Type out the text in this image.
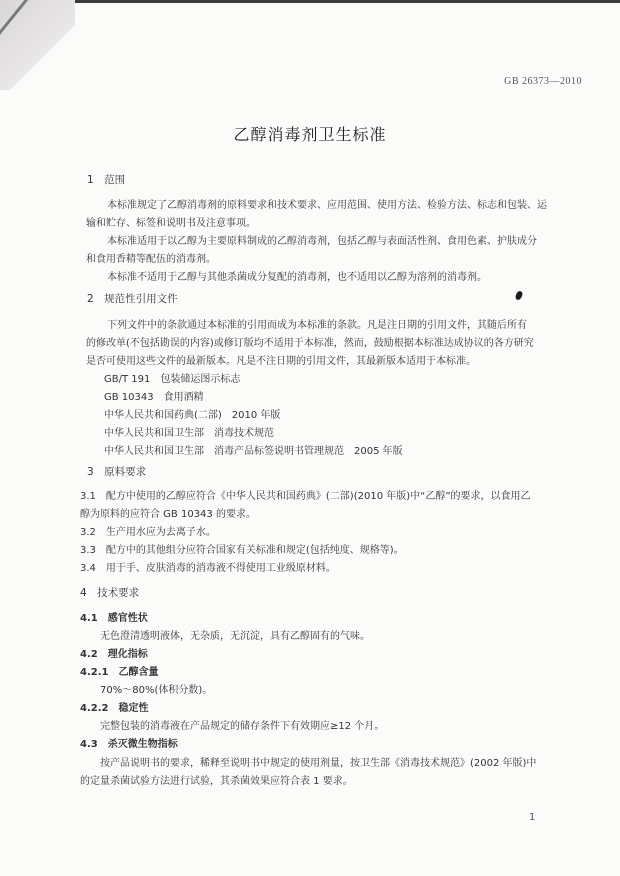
GB 26373—2010
乙醇消毒剂卫生标准
1　范围
本标准规定了乙醇消毒剂的原料要求和技术要求、应用范围、使用方法、检验方法、标志和包装、运
输和贮存、标签和说明书及注意事项。
本标准适用于以乙醇为主要原料制成的乙醇消毒剂，包括乙醇与表面活性剂、食用色素、护肤成分
和食用香精等配伍的消毒剂。
本标准不适用于乙醇与其他杀菌成分复配的消毒剂，也不适用以乙醇为溶剂的消毒剂。
2　规范性引用文件
下列文件中的条款通过本标准的引用而成为本标准的条款。凡是注日期的引用文件，其随后所有
的修改单(不包括勘误的内容)或修订版均不适用于本标准，然而，鼓励根据本标准达成协议的各方研究
是否可使用这些文件的最新版本。凡是不注日期的引用文件，其最新版本适用于本标准。
GB/T 191　包装储运图示标志
GB 10343　食用酒精
中华人民共和国药典(二部)　2010 年版
中华人民共和国卫生部　消毒技术规范
中华人民共和国卫生部　消毒产品标签说明书管理规范　2005 年版
3　原料要求
3.1　配方中使用的乙醇应符合《中华人民共和国药典》(二部)(2010 年版)中“乙醇”的要求，以食用乙
醇为原料的应符合 GB 10343 的要求。
3.2　生产用水应为去离子水。
3.3　配方中的其他组分应符合国家有关标准和规定(包括纯度、规格等)。
3.4　用于手、皮肤消毒的消毒液不得使用工业级原材料。
4　技术要求
4.1　感官性状
无色澄清透明液体，无杂质，无沉淀，具有乙醇固有的气味。
4.2　理化指标
4.2.1　乙醇含量
70%～80%(体积分数)。
4.2.2　稳定性
完整包装的消毒液在产品规定的储存条件下有效期应≥12 个月。
4.3　杀灭微生物指标
按产品说明书的要求，稀释至说明书中规定的使用剂量，按卫生部《消毒技术规范》(2002 年版)中
的定量杀菌试验方法进行试验，其杀菌效果应符合表 1 要求。
1
